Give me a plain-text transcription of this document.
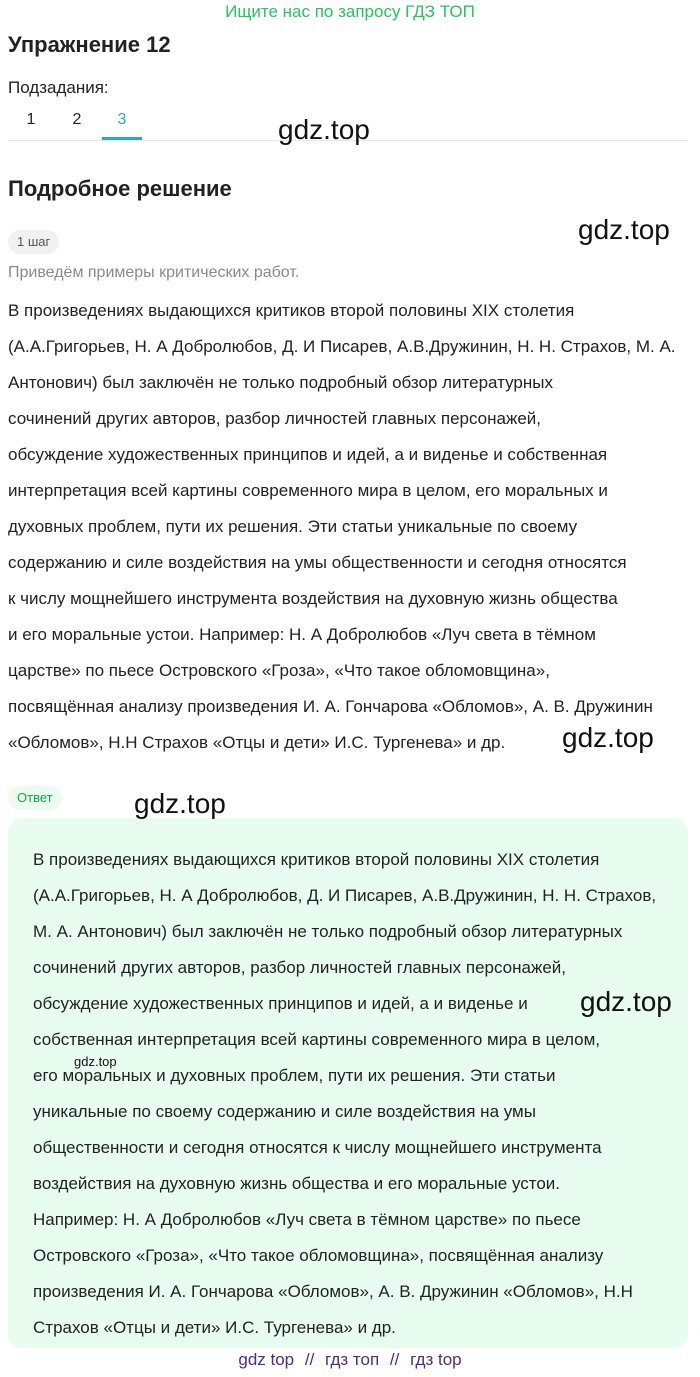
Ищите нас по запросу ГДЗ ТОП
Упражнение 12
Подзадания:
1	2	3	gdz.top
Подробное решение
gdz.top
1 шаг
Приведём примеры критических работ.
В произведениях выдающихся критиков второй половины XIX столетия
(А.А.Григорьев, Н. А Добролюбов, Д. И Писарев, А.В.Дружинин, Н. Н. Страхов, М. А.
Антонович) был заключён не только подробный обзор литературных
сочинений других авторов, разбор личностей главных персонажей,
обсуждение художественных принципов и идей, а и виденье и собственная
интерпретация всей картины современного мира в целом, его моральных и
духовных проблем, пути их решения. Эти статьи уникальные по своему
содержанию и силе воздействия на умы общественности и сегодня относятся
к числу мощнейшего инструмента воздействия на духовную жизнь общества
и его моральные устои. Например: Н. А Добролюбов «Луч света в тёмном
царстве» по пьесе Островского «Гроза», «Что такое обломовщина»,
посвящённая анализу произведения И. А. Гончарова «Обломов», А. В. Дружинин
«Обломов», Н.Н Страхов «Отцы и дети» И.С. Тургенева» и др.	gdz.top
Ответ
В произведениях выдающихся критиков второй половины XIX столетия
(А.А.Григорьев, Н. А Добролюбов, Д. И Писарев, А.В.Дружинин, Н. Н. Страхов,
М. А. Антонович) был заключён не только подробный обзор литературных
сочинений других авторов, разбор личностей главных персонажей,
обсуждение художественных принципов и идей, а и виденье и
собственная интерпретация всей картины современного мира в целом,
его моральных и духовных проблем, пути их решения. Эти статьи
уникальные по своему содержанию и силе воздействия на умы
общественности и сегодня относятся к числу мощнейшего инструмента
воздействия на духовную жизнь общества и его моральные устои.
Например: Н. А Добролюбов «Луч света в тёмном царстве» по пьесе
Островского «Гроза», «Что такое обломовщина», посвящённая анализу
произведения И. А. Гончарова «Обломов», А. В. Дружинин «Обломов», Н.Н
Страхов «Отцы и дети» И.С. Тургенева» и др.
gdz.top
gdz.top
gdz.top
gdz top // гдз топ // гдз top
